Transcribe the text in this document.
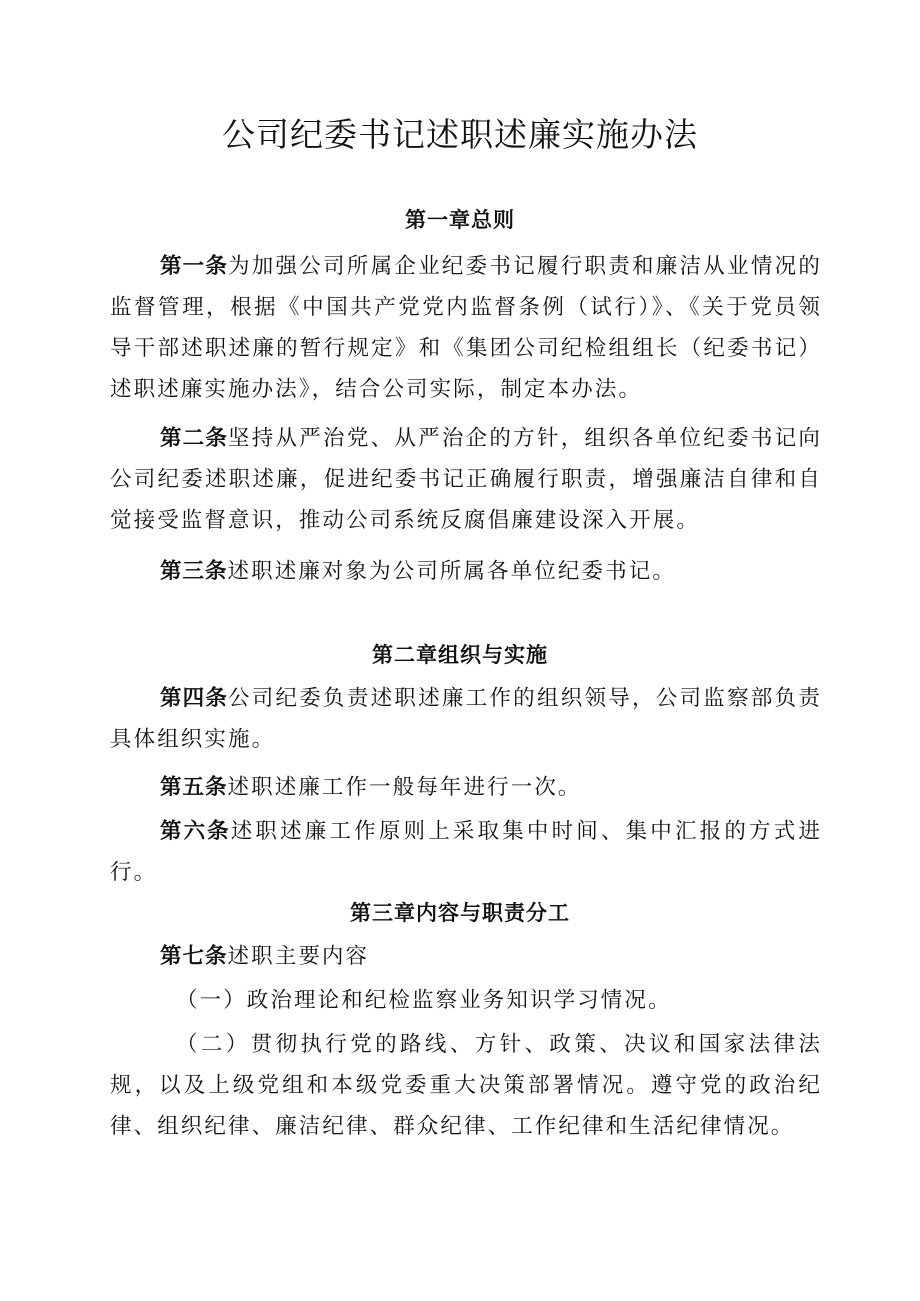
公司纪委书记述职述廉实施办法
第一章总则

第一条为加强公司所属企业纪委书记履行职责和廉洁从业情况的监督管理，根据《中国共产党党内监督条例（试行）》、《关于党员领导干部述职述廉的暂行规定》和《集团公司纪检组组长（纪委书记）述职述廉实施办法》，结合公司实际，制定本办法。

第二条坚持从严治党、从严治企的方针，组织各单位纪委书记向公司纪委述职述廉，促进纪委书记正确履行职责，增强廉洁自律和自觉接受监督意识，推动公司系统反腐倡廉建设深入开展。

第三条述职述廉对象为公司所属各单位纪委书记。

第二章组织与实施

第四条公司纪委负责述职述廉工作的组织领导，公司监察部负责具体组织实施。

第五条述职述廉工作一般每年进行一次。

第六条述职述廉工作原则上采取集中时间、集中汇报的方式进行。

第三章内容与职责分工

第七条述职主要内容

（一）政治理论和纪检监察业务知识学习情况。

（二）贯彻执行党的路线、方针、政策、决议和国家法律法规，以及上级党组和本级党委重大决策部署情况。遵守党的政治纪律、组织纪律、廉洁纪律、群众纪律、工作纪律和生活纪律情况。
